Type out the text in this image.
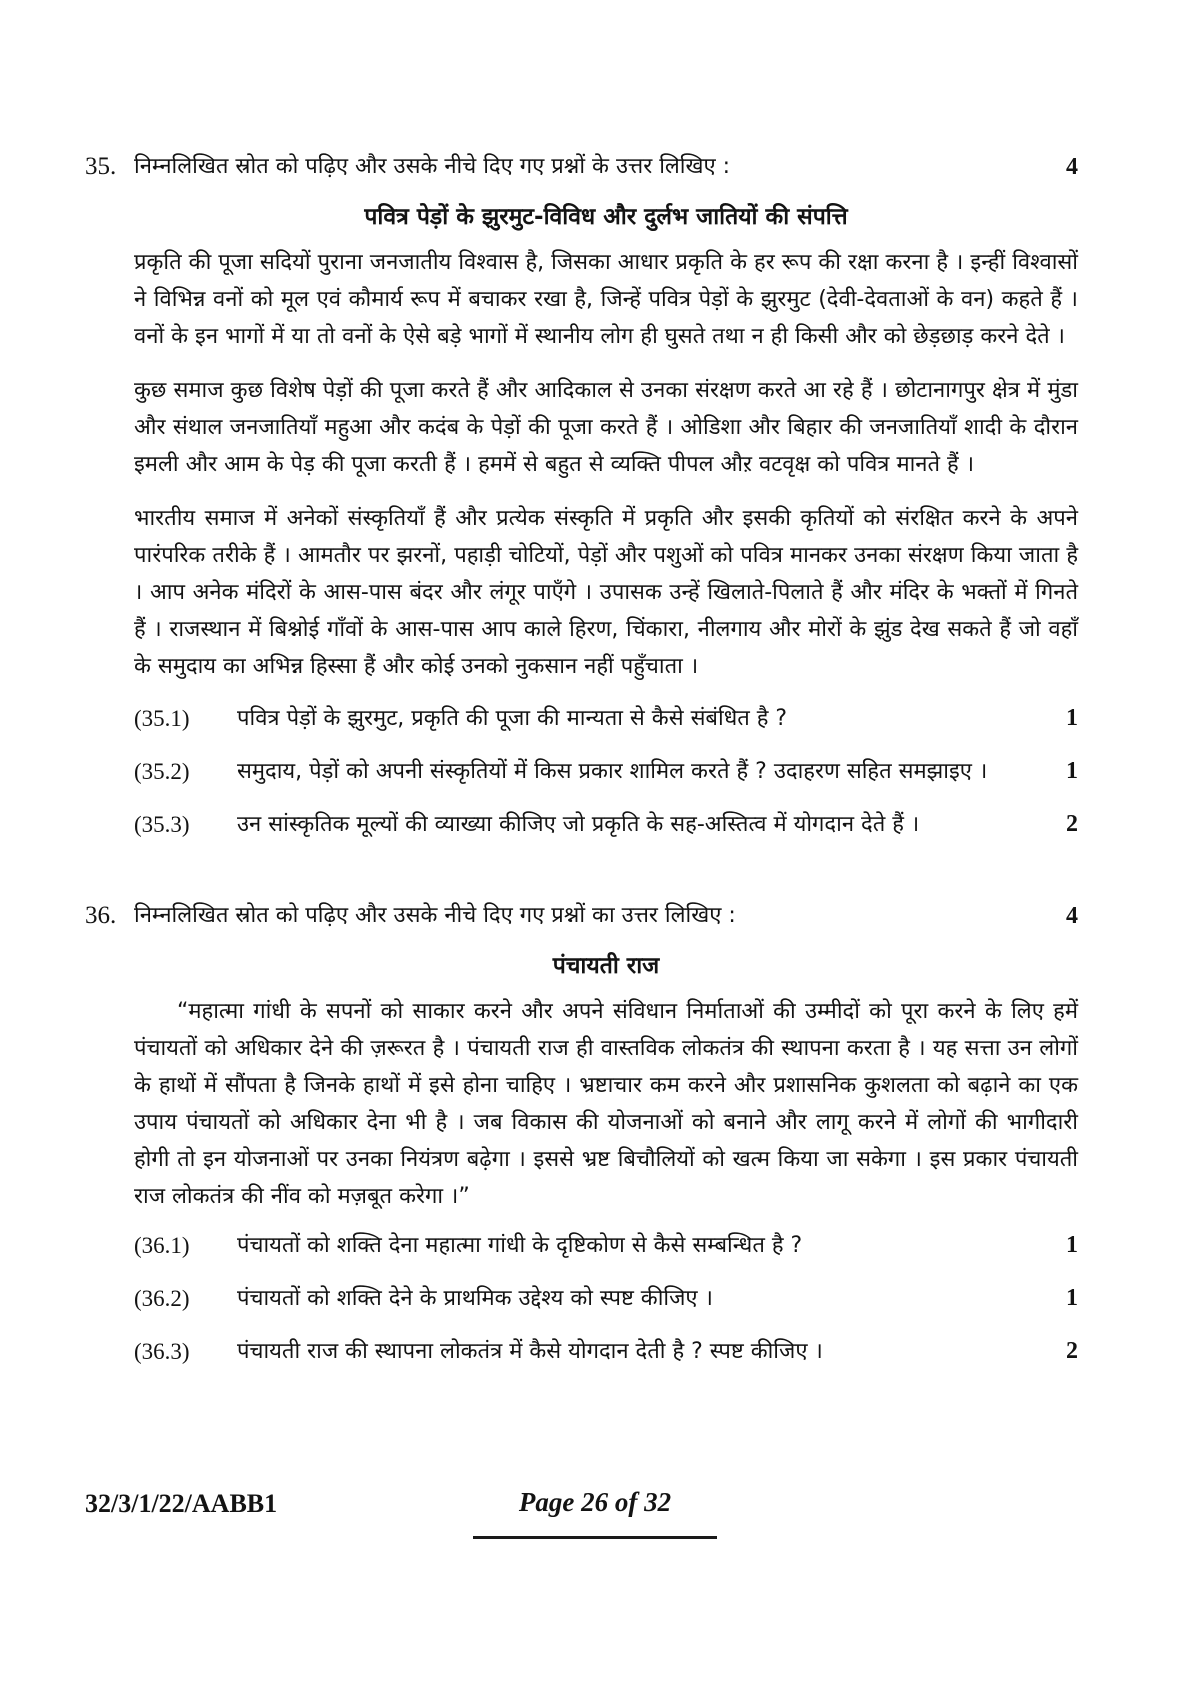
35. निम्नलिखित स्रोत को पढ़िए और उसके नीचे दिए गए प्रश्नों के उत्तर लिखिए :	4
पवित्र पेड़ों के झुरमुट-विविध और दुर्लभ जातियों की संपत्ति

प्रकृति की पूजा सदियों पुराना जनजातीय विश्वास है, जिसका आधार प्रकृति के हर रूप की रक्षा करना है । इन्हीं विश्वासों ने विभिन्न वनों को मूल एवं कौमार्य रूप में बचाकर रखा है, जिन्हें पवित्र पेड़ों के झुरमुट (देवी-देवताओं के वन) कहते हैं । वनों के इन भागों में या तो वनों के ऐसे बड़े भागों में स्थानीय लोग ही घुसते तथा न ही किसी और को छेड़छाड़ करने देते ।

कुछ समाज कुछ विशेष पेड़ों की पूजा करते हैं और आदिकाल से उनका संरक्षण करते आ रहे हैं । छोटानागपुर क्षेत्र में मुंडा और संथाल जनजातियाँ महुआ और कदंब के पेड़ों की पूजा करते हैं । ओडिशा और बिहार की जनजातियाँ शादी के दौरान इमली और आम के पेड़ की पूजा करती हैं । हममें से बहुत से व्यक्ति पीपल औऱ वटवृक्ष को पवित्र मानते हैं ।

भारतीय समाज में अनेकों संस्कृतियाँ हैं और प्रत्येक संस्कृति में प्रकृति और इसकी कृतियों को संरक्षित करने के अपने पारंपरिक तरीके हैं । आमतौर पर झरनों, पहाड़ी चोटियों, पेड़ों और पशुओं को पवित्र मानकर उनका संरक्षण किया जाता है । आप अनेक मंदिरों के आस-पास बंदर और लंगूर पाएँगे । उपासक उन्हें खिलाते-पिलाते हैं और मंदिर के भक्तों में गिनते हैं । राजस्थान में बिश्नोई गाँवों के आस-पास आप काले हिरण, चिंकारा, नीलगाय और मोरों के झुंड देख सकते हैं जो वहाँ के समुदाय का अभिन्न हिस्सा हैं और कोई उनको नुकसान नहीं पहुँचाता ।

(35.1)	पवित्र पेड़ों के झुरमुट, प्रकृति की पूजा की मान्यता से कैसे संबंधित है ?	1
(35.2)	समुदाय, पेड़ों को अपनी संस्कृतियों में किस प्रकार शामिल करते हैं ? उदाहरण सहित समझाइए ।	1
(35.3)	उन सांस्कृतिक मूल्यों की व्याख्या कीजिए जो प्रकृति के सह-अस्तित्व में योगदान देते हैं ।	2
36. निम्नलिखित स्रोत को पढ़िए और उसके नीचे दिए गए प्रश्नों का उत्तर लिखिए :	4
पंचायती राज

“महात्मा गांधी के सपनों को साकार करने और अपने संविधान निर्माताओं की उम्मीदों को पूरा करने के लिए हमें पंचायतों को अधिकार देने की ज़रूरत है । पंचायती राज ही वास्तविक लोकतंत्र की स्थापना करता है । यह सत्ता उन लोगों के हाथों में सौंपता है जिनके हाथों में इसे होना चाहिए । भ्रष्टाचार कम करने और प्रशासनिक कुशलता को बढ़ाने का एक उपाय पंचायतों को अधिकार देना भी है । जब विकास की योजनाओं को बनाने और लागू करने में लोगों की भागीदारी होगी तो इन योजनाओं पर उनका नियंत्रण बढ़ेगा । इससे भ्रष्ट बिचौलियों को खत्म किया जा सकेगा । इस प्रकार पंचायती राज लोकतंत्र की नींव को मज़बूत करेगा ।”

(36.1)	पंचायतों को शक्ति देना महात्मा गांधी के दृष्टिकोण से कैसे सम्बन्धित है ?	1
(36.2)	पंचायतों को शक्ति देने के प्राथमिक उद्देश्य को स्पष्ट कीजिए ।	1
(36.3)	पंचायती राज की स्थापना लोकतंत्र में कैसे योगदान देती है ? स्पष्ट कीजिए ।	2
32/3/1/22/AABB1	Page 26 of 32
